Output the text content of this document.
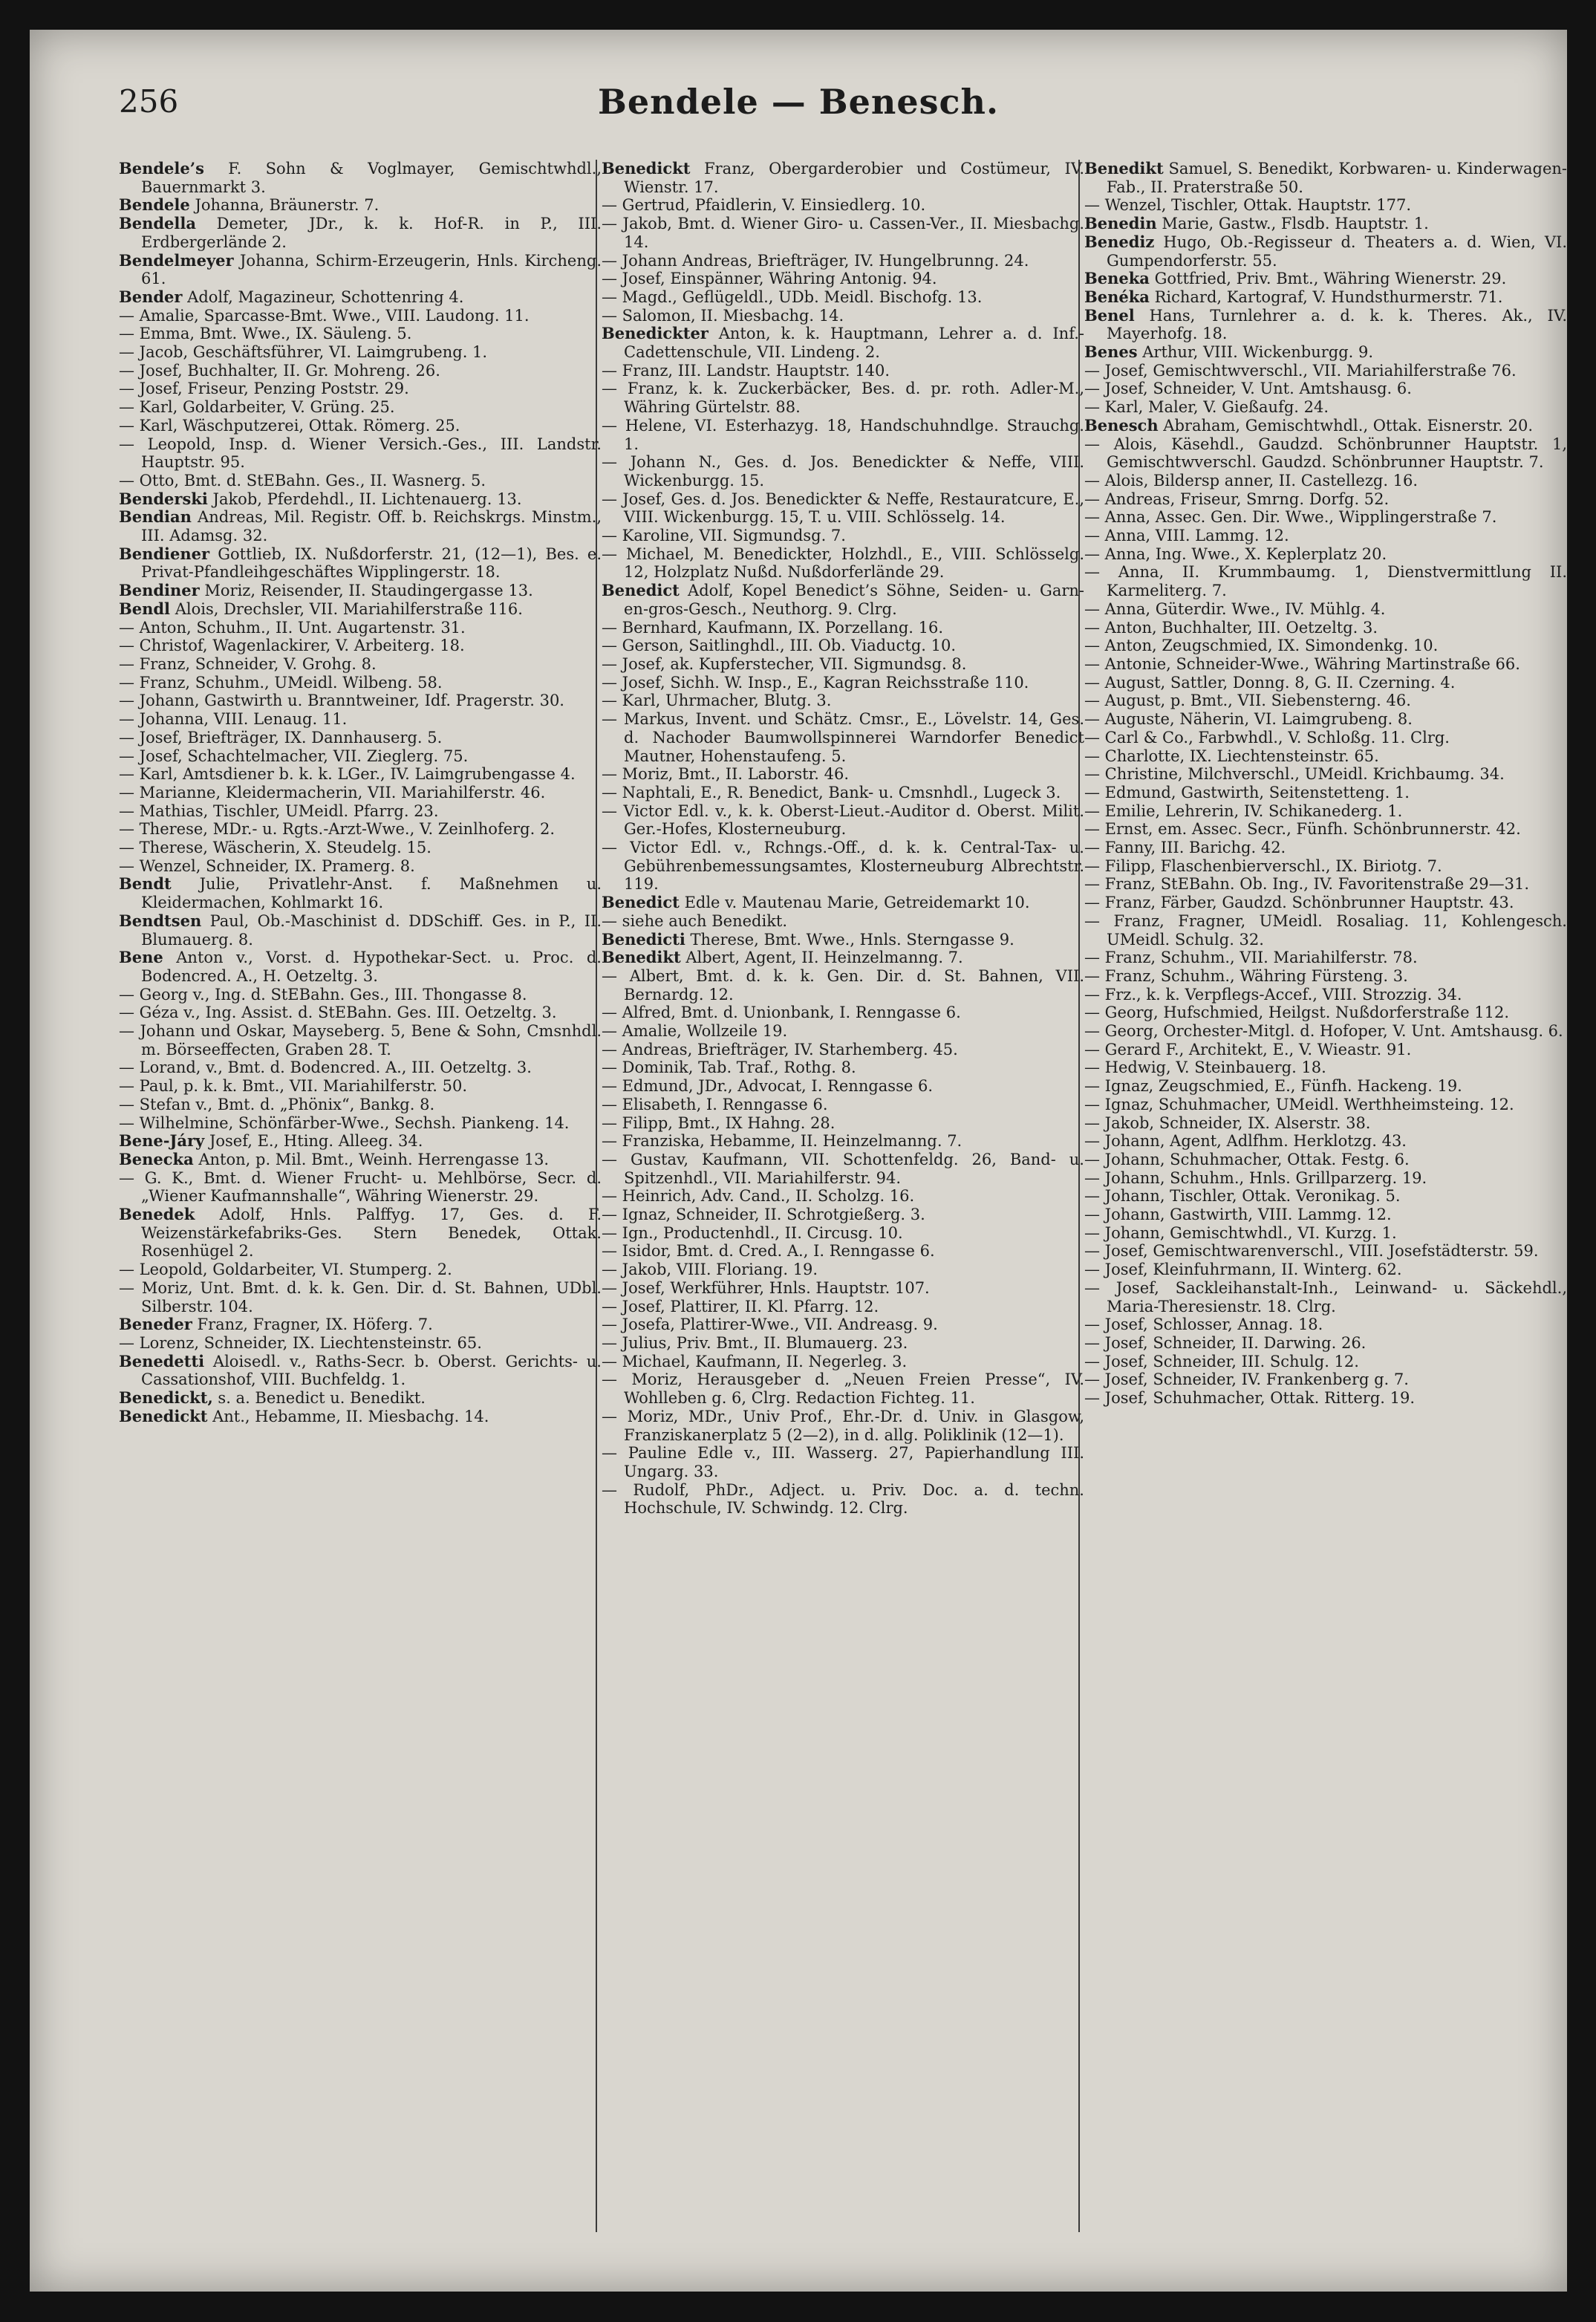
256	Bendele — Benesch.
Bendele’s F. Sohn & Voglmayer, Gemischtwhdl., Bauernmarkt 3.
Bendele Johanna, Bräunerstr. 7.
Bendella Demeter, JDr., k. k. Hof-R. in P., III. Erdbergerlände 2.
Bendelmeyer Johanna, Schirm-Erzeugerin, Hnls. Kircheng. 61.
Bender Adolf, Magazineur, Schottenring 4.
— Amalie, Sparcasse-Bmt. Wwe., VIII. Laudong. 11.
— Emma, Bmt. Wwe., IX. Säuleng. 5.
— Jacob, Geschäftsführer, VI. Laimgrubeng. 1.
— Josef, Buchhalter, II. Gr. Mohreng. 26.
— Josef, Friseur, Penzing Poststr. 29.
— Karl, Goldarbeiter, V. Grüng. 25.
— Karl, Wäschputzerei, Ottak. Römerg. 25.
— Leopold, Insp. d. Wiener Versich.-Ges., III. Landstr. Hauptstr. 95.
— Otto, Bmt. d. StEBahn. Ges., II. Wasnerg. 5.
Benderski Jakob, Pferdehdl., II. Lichtenauerg. 13.
Bendian Andreas, Mil. Registr. Off. b. Reichskrgs. Minstm., III. Adamsg. 32.
Bendiener Gottlieb, IX. Nußdorferstr. 21, (12—1), Bes. e. Privat-Pfandleihgeschäftes Wipplingerstr. 18.
Bendiner Moriz, Reisender, II. Staudingergasse 13.
Bendl Alois, Drechsler, VII. Mariahilferstraße 116.
— Anton, Schuhm., II. Unt. Augartenstr. 31.
— Christof, Wagenlackirer, V. Arbeiterg. 18.
— Franz, Schneider, V. Grohg. 8.
— Franz, Schuhm., UMeidl. Wilbeng. 58.
— Johann, Gastwirth u. Branntweiner, Idf. Pragerstr. 30.
— Johanna, VIII. Lenaug. 11.
— Josef, Briefträger, IX. Dannhauserg. 5.
— Josef, Schachtelmacher, VII. Zieglerg. 75.
— Karl, Amtsdiener b. k. k. LGer., IV. Laimgrubengasse 4.
— Marianne, Kleidermacherin, VII. Mariahilferstr. 46.
— Mathias, Tischler, UMeidl. Pfarrg. 23.
— Therese, MDr.- u. Rgts.-Arzt-Wwe., V. Zeinlhoferg. 2.
— Therese, Wäscherin, X. Steudelg. 15.
— Wenzel, Schneider, IX. Pramerg. 8.
Bendt Julie, Privatlehr-Anst. f. Maßnehmen u. Kleidermachen, Kohlmarkt 16.
Bendtsen Paul, Ob.-Maschinist d. DDSchiff. Ges. in P., II. Blumauerg. 8.
Bene Anton v., Vorst. d. Hypothekar-Sect. u. Proc. d. Bodencred. A., H. Oetzeltg. 3.
— Georg v., Ing. d. StEBahn. Ges., III. Thongasse 8.
— Géza v., Ing. Assist. d. StEBahn. Ges. III. Oetzeltg. 3.
— Johann und Oskar, Mayseberg. 5, Bene & Sohn, Cmsnhdl. m. Börseeffecten, Graben 28. T.
— Lorand, v., Bmt. d. Bodencred. A., III. Oetzeltg. 3.
— Paul, p. k. k. Bmt., VII. Mariahilferstr. 50.
— Stefan v., Bmt. d. „Phönix“, Bankg. 8.
— Wilhelmine, Schönfärber-Wwe., Sechsh. Piankeng. 14.
Bene-Járy Josef, E., Hting. Alleeg. 34.
Benecka Anton, p. Mil. Bmt., Weinh. Herrengasse 13.
— G. K., Bmt. d. Wiener Frucht- u. Mehlbörse, Secr. d. „Wiener Kaufmannshalle“, Währing Wienerstr. 29.
Benedek Adolf, Hnls. Palffyg. 17, Ges. d. F. Weizenstärkefabriks-Ges. Stern Benedek, Ottak. Rosenhügel 2.
— Leopold, Goldarbeiter, VI. Stumperg. 2.
— Moriz, Unt. Bmt. d. k. k. Gen. Dir. d. St. Bahnen, UDbl. Silberstr. 104.
Beneder Franz, Fragner, IX. Höferg. 7.
— Lorenz, Schneider, IX. Liechtensteinstr. 65.
Benedetti Aloisedl. v., Raths-Secr. b. Oberst. Gerichts- u. Cassationshof, VIII. Buchfeldg. 1.
Benedickt, s. a. Benedict u. Benedikt.
Benedickt Ant., Hebamme, II. Miesbachg. 14.
Benedickt Franz, Obergarderobier und Costümeur, IV. Wienstr. 17.
— Gertrud, Pfaidlerin, V. Einsiedlerg. 10.
— Jakob, Bmt. d. Wiener Giro- u. Cassen-Ver., II. Miesbachg. 14.
— Johann Andreas, Briefträger, IV. Hungelbrunng. 24.
— Josef, Einspänner, Währing Antonig. 94.
— Magd., Geflügeldl., UDb. Meidl. Bischofg. 13.
— Salomon, II. Miesbachg. 14.
Benedickter Anton, k. k. Hauptmann, Lehrer a. d. Inf.-Cadettenschule, VII. Lindeng. 2.
— Franz, III. Landstr. Hauptstr. 140.
— Franz, k. k. Zuckerbäcker, Bes. d. pr. roth. Adler-M., Währing Gürtelstr. 88.
— Helene, VI. Esterhazyg. 18, Handschuhndlge. Strauchg. 1.
— Johann N., Ges. d. Jos. Benedickter & Neffe, VIII. Wickenburgg. 15.
— Josef, Ges. d. Jos. Benedickter & Neffe, Restauratcure, E., VIII. Wickenburgg. 15, T. u. VIII. Schlösselg. 14.
— Karoline, VII. Sigmundsg. 7.
— Michael, M. Benedickter, Holzhdl., E., VIII. Schlösselg. 12, Holzplatz Nußd. Nußdorferlände 29.
Benedict Adolf, Kopel Benedict’s Söhne, Seiden- u. Garn-en-gros-Gesch., Neuthorg. 9. Clrg.
— Bernhard, Kaufmann, IX. Porzellang. 16.
— Gerson, Saitlinghdl., III. Ob. Viaductg. 10.
— Josef, ak. Kupferstecher, VII. Sigmundsg. 8.
— Josef, Sichh. W. Insp., E., Kagran Reichsstraße 110.
— Karl, Uhrmacher, Blutg. 3.
— Markus, Invent. und Schätz. Cmsr., E., Lövelstr. 14, Ges. d. Nachoder Baumwollspinnerei Warndorfer Benedict Mautner, Hohenstaufeng. 5.
— Moriz, Bmt., II. Laborstr. 46.
— Naphtali, E., R. Benedict, Bank- u. Cmsnhdl., Lugeck 3.
— Victor Edl. v., k. k. Oberst-Lieut.-Auditor d. Oberst. Milit. Ger.-Hofes, Klosterneuburg.
— Victor Edl. v., Rchngs.-Off., d. k. k. Central-Tax- u. Gebührenbemessungsamtes, Klosterneuburg Albrechtstr. 119.
Benedict Edle v. Mautenau Marie, Getreidemarkt 10.
— siehe auch Benedikt.
Benedicti Therese, Bmt. Wwe., Hnls. Sterngasse 9.
Benedikt Albert, Agent, II. Heinzelmanng. 7.
— Albert, Bmt. d. k. k. Gen. Dir. d. St. Bahnen, VII. Bernardg. 12.
— Alfred, Bmt. d. Unionbank, I. Renngasse 6.
— Amalie, Wollzeile 19.
— Andreas, Briefträger, IV. Starhemberg. 45.
— Dominik, Tab. Traf., Rothg. 8.
— Edmund, JDr., Advocat, I. Renngasse 6.
— Elisabeth, I. Renngasse 6.
— Filipp, Bmt., IX Hahng. 28.
— Franziska, Hebamme, II. Heinzelmanng. 7.
— Gustav, Kaufmann, VII. Schottenfeldg. 26, Band- u. Spitzenhdl., VII. Mariahilferstr. 94.
— Heinrich, Adv. Cand., II. Scholzg. 16.
— Ignaz, Schneider, II. Schrotgießerg. 3.
— Ign., Productenhdl., II. Circusg. 10.
— Isidor, Bmt. d. Cred. A., I. Renngasse 6.
— Jakob, VIII. Floriang. 19.
— Josef, Werkführer, Hnls. Hauptstr. 107.
— Josef, Plattirer, II. Kl. Pfarrg. 12.
— Josefa, Plattirer-Wwe., VII. Andreasg. 9.
— Julius, Priv. Bmt., II. Blumauerg. 23.
— Michael, Kaufmann, II. Negerleg. 3.
— Moriz, Herausgeber d. „Neuen Freien Presse“, IV. Wohlleben g. 6, Clrg. Redaction Fichteg. 11.
— Moriz, MDr., Univ Prof., Ehr.-Dr. d. Univ. in Glasgow, Franziskanerplatz 5 (2—2), in d. allg. Poliklinik (12—1).
— Pauline Edle v., III. Wasserg. 27, Papierhandlung III. Ungarg. 33.
— Rudolf, PhDr., Adject. u. Priv. Doc. a. d. techn. Hochschule, IV. Schwindg. 12. Clrg.
Benedikt Samuel, S. Benedikt, Korbwaren- u. Kinderwagen-Fab., II. Praterstraße 50.
— Wenzel, Tischler, Ottak. Hauptstr. 177.
Benedin Marie, Gastw., Flsdb. Hauptstr. 1.
Benediz Hugo, Ob.-Regisseur d. Theaters a. d. Wien, VI. Gumpendorferstr. 55.
Beneka Gottfried, Priv. Bmt., Währing Wienerstr. 29.
Benéka Richard, Kartograf, V. Hundsthurmerstr. 71.
Benel Hans, Turnlehrer a. d. k. k. Theres. Ak., IV. Mayerhofg. 18.
Benes Arthur, VIII. Wickenburgg. 9.
— Josef, Gemischtwverschl., VII. Mariahilferstraße 76.
— Josef, Schneider, V. Unt. Amtshausg. 6.
— Karl, Maler, V. Gießaufg. 24.
Benesch Abraham, Gemischtwhdl., Ottak. Eisnerstr. 20.
— Alois, Käsehdl., Gaudzd. Schönbrunner Hauptstr. 1, Gemischtwverschl. Gaudzd. Schönbrunner Hauptstr. 7.
— Alois, Bildersp anner, II. Castellezg. 16.
— Andreas, Friseur, Smrng. Dorfg. 52.
— Anna, Assec. Gen. Dir. Wwe., Wipplingerstraße 7.
— Anna, VIII. Lammg. 12.
— Anna, Ing. Wwe., X. Keplerplatz 20.
— Anna, II. Krummbaumg. 1, Dienstvermittlung II. Karmeliterg. 7.
— Anna, Güterdir. Wwe., IV. Mühlg. 4.
— Anton, Buchhalter, III. Oetzeltg. 3.
— Anton, Zeugschmied, IX. Simondenkg. 10.
— Antonie, Schneider-Wwe., Währing Martinstraße 66.
— August, Sattler, Donng. 8, G. II. Czerning. 4.
— August, p. Bmt., VII. Siebensterng. 46.
— Auguste, Näherin, VI. Laimgrubeng. 8.
— Carl & Co., Farbwhdl., V. Schloßg. 11. Clrg.
— Charlotte, IX. Liechtensteinstr. 65.
— Christine, Milchverschl., UMeidl. Krichbaumg. 34.
— Edmund, Gastwirth, Seitenstetteng. 1.
— Emilie, Lehrerin, IV. Schikanederg. 1.
— Ernst, em. Assec. Secr., Fünfh. Schönbrunnerstr. 42.
— Fanny, III. Barichg. 42.
— Filipp, Flaschenbierverschl., IX. Biriotg. 7.
— Franz, StEBahn. Ob. Ing., IV. Favoritenstraße 29—31.
— Franz, Färber, Gaudzd. Schönbrunner Hauptstr. 43.
— Franz, Fragner, UMeidl. Rosaliag. 11, Kohlengesch. UMeidl. Schulg. 32.
— Franz, Schuhm., VII. Mariahilferstr. 78.
— Franz, Schuhm., Währing Fürsteng. 3.
— Frz., k. k. Verpflegs-Accef., VIII. Strozzig. 34.
— Georg, Hufschmied, Heilgst. Nußdorferstraße 112.
— Georg, Orchester-Mitgl. d. Hofoper, V. Unt. Amtshausg. 6.
— Gerard F., Architekt, E., V. Wieastr. 91.
— Hedwig, V. Steinbauerg. 18.
— Ignaz, Zeugschmied, E., Fünfh. Hackeng. 19.
— Ignaz, Schuhmacher, UMeidl. Werthheimsteing. 12.
— Jakob, Schneider, IX. Alserstr. 38.
— Johann, Agent, Adlfhm. Herklotzg. 43.
— Johann, Schuhmacher, Ottak. Festg. 6.
— Johann, Schuhm., Hnls. Grillparzerg. 19.
— Johann, Tischler, Ottak. Veronikag. 5.
— Johann, Gastwirth, VIII. Lammg. 12.
— Johann, Gemischtwhdl., VI. Kurzg. 1.
— Josef, Gemischtwarenverschl., VIII. Josefstädterstr. 59.
— Josef, Kleinfuhrmann, II. Winterg. 62.
— Josef, Sackleihanstalt-Inh., Leinwand- u. Säckehdl., Maria-Theresienstr. 18. Clrg.
— Josef, Schlosser, Annag. 18.
— Josef, Schneider, II. Darwing. 26.
— Josef, Schneider, III. Schulg. 12.
— Josef, Schneider, IV. Frankenberg g. 7.
— Josef, Schuhmacher, Ottak. Ritterg. 19.
